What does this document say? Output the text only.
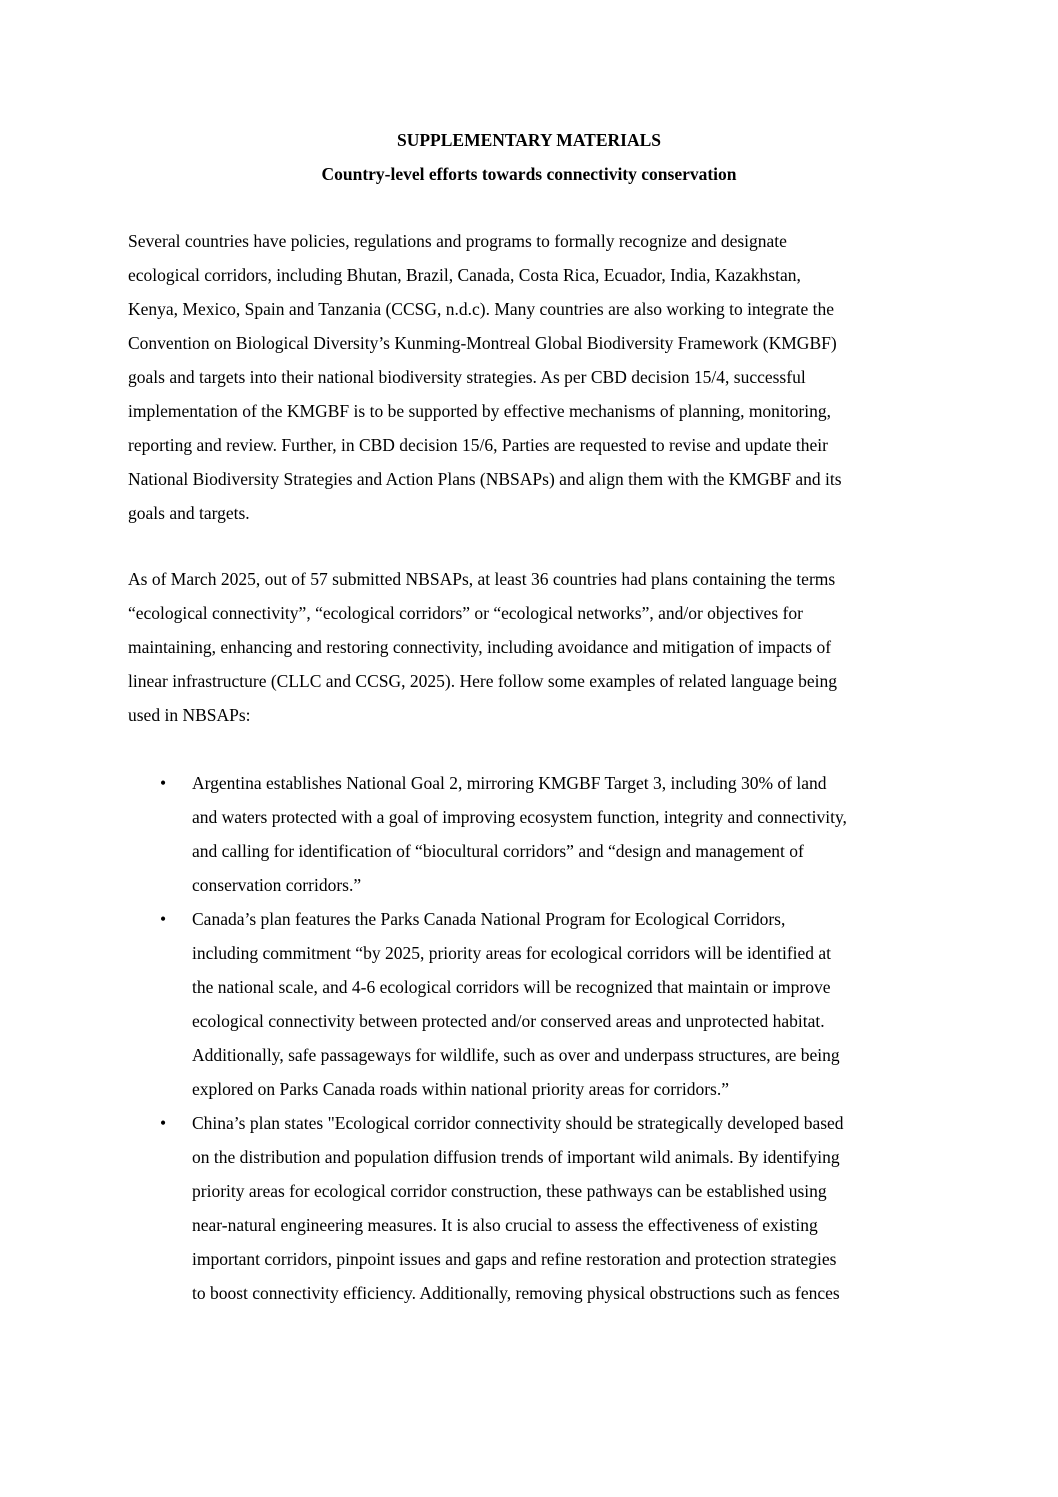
SUPPLEMENTARY MATERIALS
Country-level efforts towards connectivity conservation
Several countries have policies, regulations and programs to formally recognize and designate
ecological corridors, including Bhutan, Brazil, Canada, Costa Rica, Ecuador, India, Kazakhstan,
Kenya, Mexico, Spain and Tanzania (CCSG, n.d.c). Many countries are also working to integrate the
Convention on Biological Diversity’s Kunming-Montreal Global Biodiversity Framework (KMGBF)
goals and targets into their national biodiversity strategies. As per CBD decision 15/4, successful
implementation of the KMGBF is to be supported by effective mechanisms of planning, monitoring,
reporting and review. Further, in CBD decision 15/6, Parties are requested to revise and update their
National Biodiversity Strategies and Action Plans (NBSAPs) and align them with the KMGBF and its
goals and targets.
As of March 2025, out of 57 submitted NBSAPs, at least 36 countries had plans containing the terms
“ecological connectivity”, “ecological corridors” or “ecological networks”, and/or objectives for
maintaining, enhancing and restoring connectivity, including avoidance and mitigation of impacts of
linear infrastructure (CLLC and CCSG, 2025). Here follow some examples of related language being
used in NBSAPs:
• Argentina establishes National Goal 2, mirroring KMGBF Target 3, including 30% of land
and waters protected with a goal of improving ecosystem function, integrity and connectivity,
and calling for identification of “biocultural corridors” and “design and management of
conservation corridors.”
• Canada’s plan features the Parks Canada National Program for Ecological Corridors,
including commitment “by 2025, priority areas for ecological corridors will be identified at
the national scale, and 4-6 ecological corridors will be recognized that maintain or improve
ecological connectivity between protected and/or conserved areas and unprotected habitat.
Additionally, safe passageways for wildlife, such as over and underpass structures, are being
explored on Parks Canada roads within national priority areas for corridors.”
• China’s plan states "Ecological corridor connectivity should be strategically developed based
on the distribution and population diffusion trends of important wild animals. By identifying
priority areas for ecological corridor construction, these pathways can be established using
near-natural engineering measures. It is also crucial to assess the effectiveness of existing
important corridors, pinpoint issues and gaps and refine restoration and protection strategies
to boost connectivity efficiency. Additionally, removing physical obstructions such as fences
